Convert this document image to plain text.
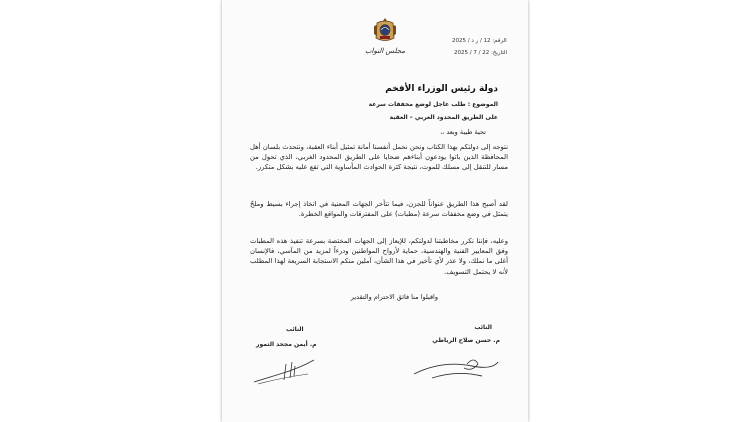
مجلس النواب
الرقم: 12 / ر د / 2025
التاريخ: 22 / 7 / 2025
دولة رئيس الوزراء الأفخم
الموضوع : طلب عاجل لوضع مخففات سرعة
على الطريق المحدود الغربي – العقبة
تحية طيبة وبعد ،،
نتوجه إلى دولتكم بهذا الكتاب ونحن نحمل أنفسنا أمانة تمثيل أبناء العقبة، ونتحدث بلسان أهل المحافظة الذين باتوا يودعون أبناءهم ضحايا على الطريق المحدود الغربي، الذي تحول من مسار للتنقل إلى مسلك للموت، نتيجة كثرة الحوادث المأساوية التي تقع عليه بشكل متكرر.
لقد أصبح هذا الطريق عنواناً للحزن، فيما تتأخر الجهات المعنية في اتخاذ إجراء بسيط وملحّ يتمثل في وضع مخففات سرعة (مطبات) على المفترقات والمواقع الخطرة.
وعليه، فإننا نكرر مخاطبتنا لدولتكم، للإيعاز إلى الجهات المختصة بسرعة تنفيذ هذه المطبات وفق المعايير الفنية والهندسية، حماية لأرواح المواطنين ودرءاً لمزيد من المآسي، فالإنسان أغلى ما نملك، ولا عذر لأي تأخير في هذا الشأن، آملين منكم الاستجابة السريعة لهذا المطلب لأنه لا يحتمل التسويف.
واقبلوا منا فائق الاحترام والتقدير
النائب
م. حسن صلاح الرياطي
النائب
م. أيمن مجحد التمور
